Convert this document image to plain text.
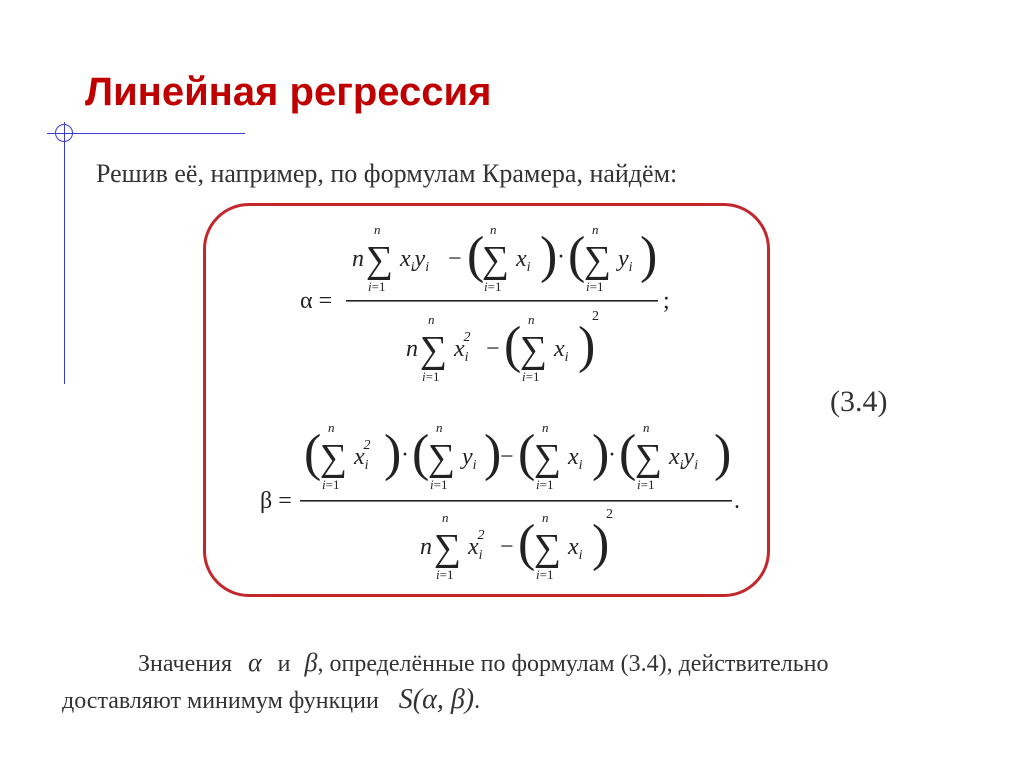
Линейная регрессия

Решив её, например, по формулам Крамера, найдём:

α =
n ∑
n
i=1
$x_iy_i$ − (
∑
n
i=1
$x_i$ ) · (
∑
n
i=1
$y_i$ )
;
n ∑
n
i=1
$x_i2$ − (
∑
n
i=1
$x_i$ )
2
β =
(
∑
n
i=1
$x_i2$ ) · (
∑
n
i=1
$y_i$ )
− (
∑
n
i=1
$x_i$ )
· (
∑
n
i=1
$x_iy_i$ )
.
n ∑
n
i=1
$x_i2$ − (
∑
n
i=1
$x_i$ )
2
(3.4)

Значения α и β, определённые по формулам (3.4), действительно

доставляют минимум функции S(α, β).
